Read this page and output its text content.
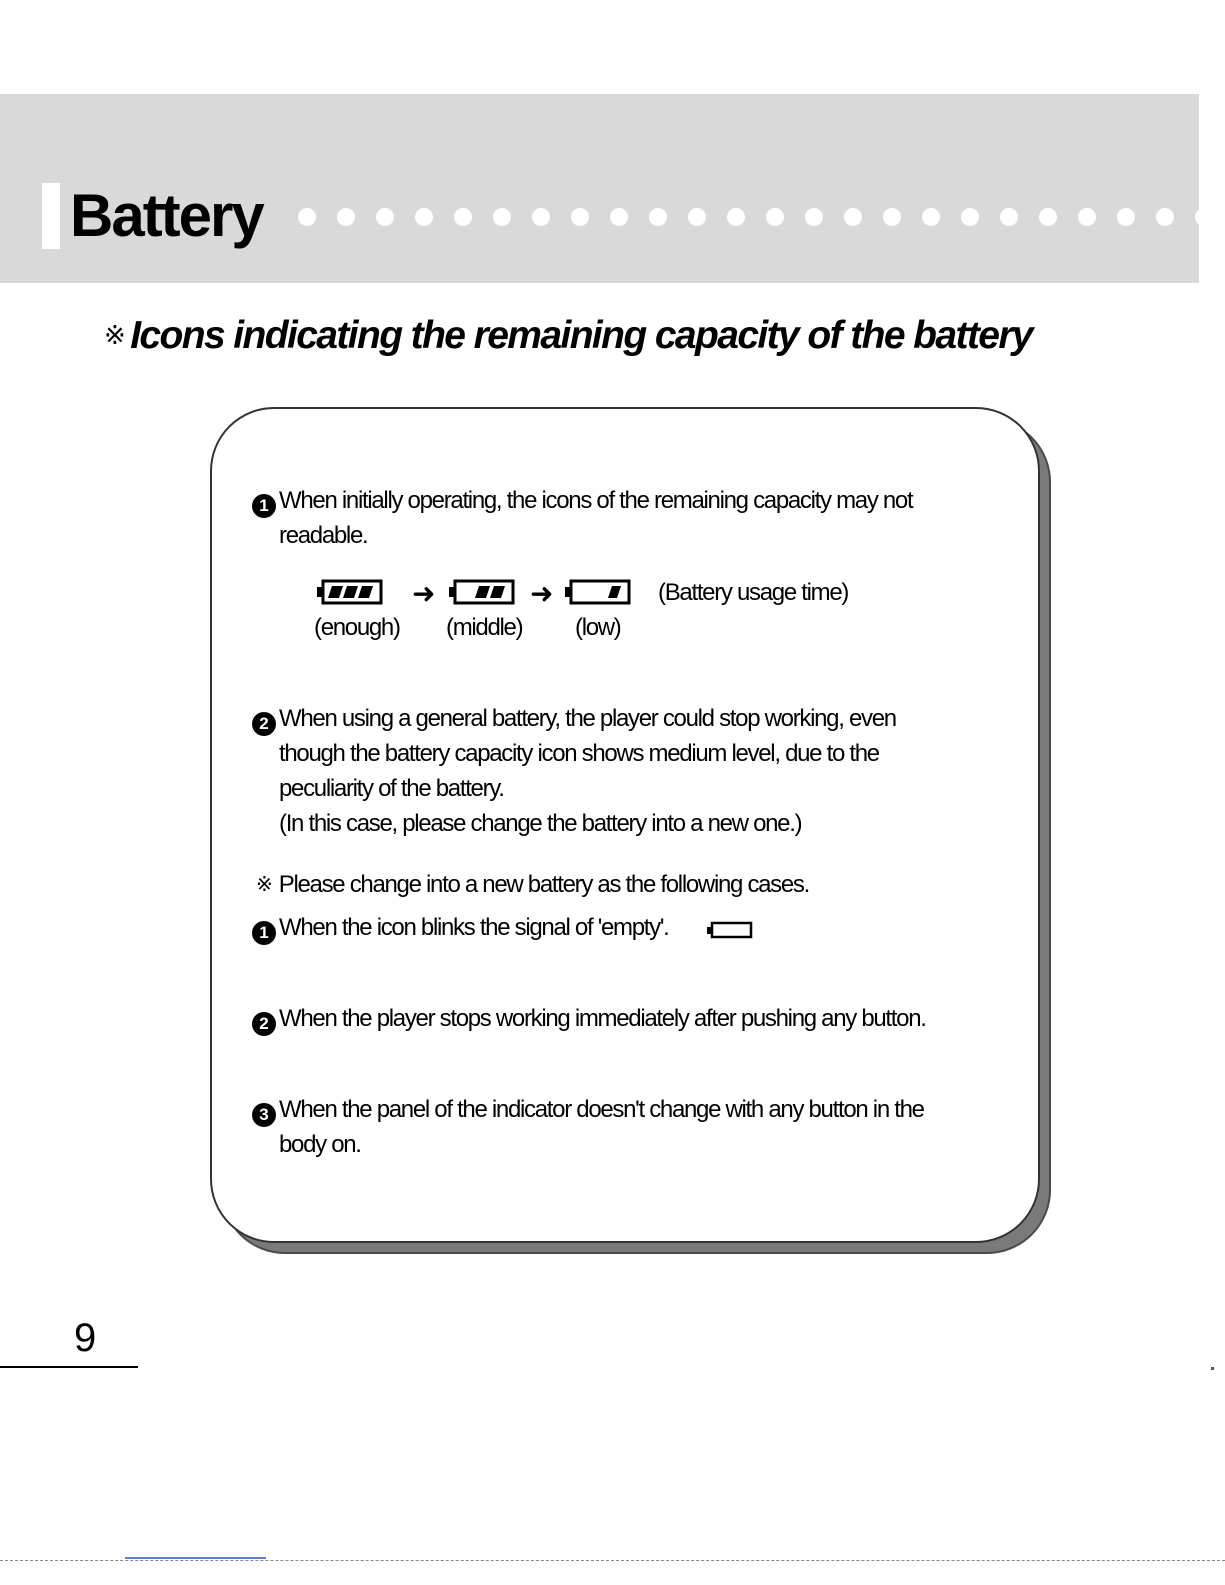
Battery
※ Icons indicating the remaining capacity of the battery

1 When initially operating, the icons of the remaining capacity may not

readable.

➜	➜	(Battery usage time)

(enough) (middle) (low)

2 When using a general battery, the player could stop working, even

though the battery capacity icon shows medium level, due to the

peculiarity of the battery.

(In this case, please change the battery into a new one.)

※ Please change into a new battery as the following cases.

1 When the icon blinks the signal of 'empty'.

2 When the player stops working immediately after pushing any button.

3 When the panel of the indicator doesn't change with any button in the

body on.

9
